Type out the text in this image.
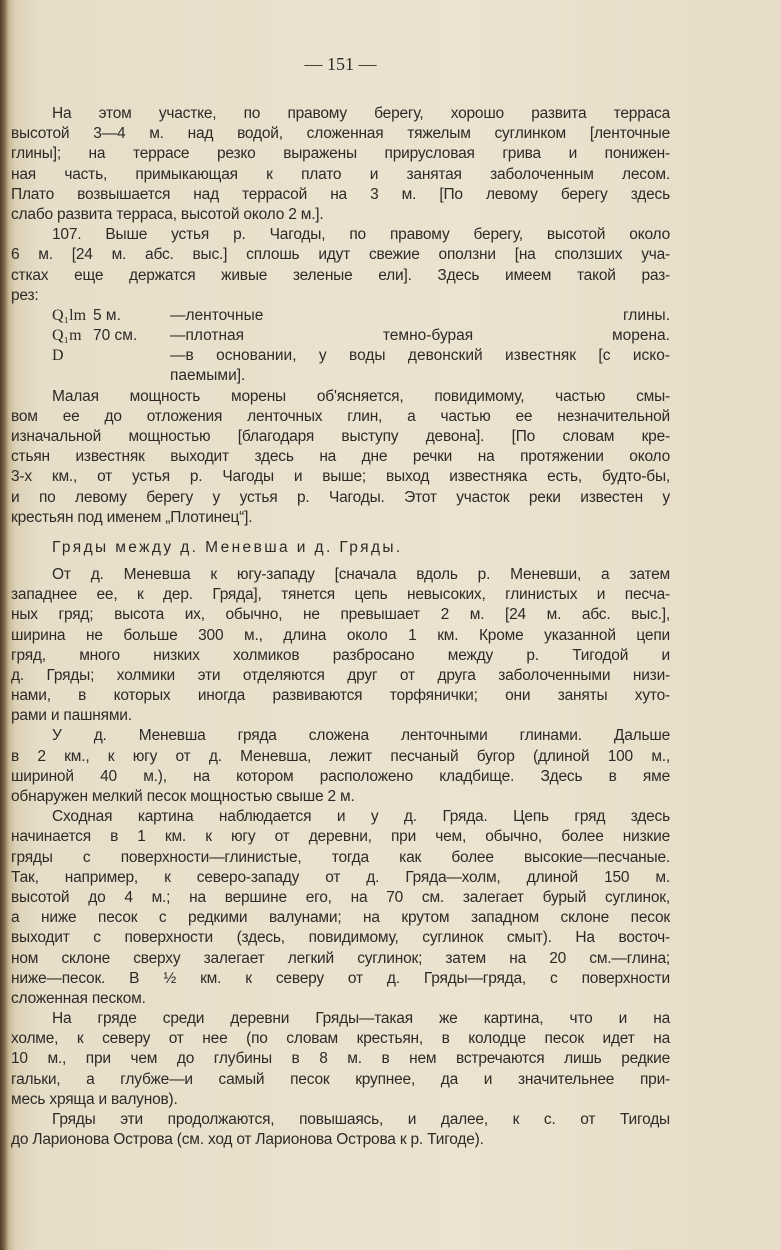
— 151 —
На этом участке, по правому берегу, хорошо развита терраса
высотой 3—4 м. над водой, сложенная тяжелым суглинком [ленточные
глины]; на террасе резко выражены прирусловая грива и понижен-
ная часть, примыкающая к плато и занятая заболоченным лесом.
Плато возвышается над террасой на 3 м. [По левому берегу здесь
слабо развита терраса, высотой около 2 м.].
107. Выше устья р. Чагоды, по правому берегу, высотой около
6 м. [24 м. абс. выс.] сплошь идут свежие оползни [на сползших уча-
стках еще держатся живые зеленые ели]. Здесь имеем такой раз-
рез:
Q₁lm 5 м.	—ленточные глины.
Q₁m 70 см.	—плотная темно-бурая морена.
D	—в основании, у воды девонский известняк [с иско-
паемыми].
Малая мощность морены об'ясняется, повидимому, частью смы-
вом ее до отложения ленточных глин, а частью ее незначительной
изначальной мощностью [благодаря выступу девона]. [По словам кре-
стьян известняк выходит здесь на дне речки на протяжении около
3-х км., от устья р. Чагоды и выше; выход известняка есть, будто-бы,
и по левому берегу у устья р. Чагоды. Этот участок реки известен у
крестьян под именем „Плотинец“].
Гряды между д. Меневша и д. Гряды.
От д. Меневша к югу-западу [сначала вдоль р. Меневши, а затем
западнее ее, к дер. Гряда], тянется цепь невысоких, глинистых и песча-
ных гряд; высота их, обычно, не превышает 2 м. [24 м. абс. выс.],
ширина не больше 300 м., длина около 1 км. Кроме указанной цепи
гряд, много низких холмиков разбросано между р. Тигодой и
д. Гряды; холмики эти отделяются друг от друга заболоченными низи-
нами, в которых иногда развиваются торфянички; они заняты хуто-
рами и пашнями.
У д. Меневша гряда сложена ленточными глинами. Дальше
в 2 км., к югу от д. Меневша, лежит песчаный бугор (длиной 100 м.,
шириной 40 м.), на котором расположено кладбище. Здесь в яме
обнаружен мелкий песок мощностью свыше 2 м.
Сходная картина наблюдается и у д. Гряда. Цепь гряд здесь
начинается в 1 км. к югу от деревни, при чем, обычно, более низкие
гряды с поверхности—глинистые, тогда как более высокие—песчаные.
Так, например, к северо-западу от д. Гряда—холм, длиной 150 м.
высотой до 4 м.; на вершине его, на 70 см. залегает бурый суглинок,
а ниже песок с редкими валунами; на крутом западном склоне песок
выходит с поверхности (здесь, повидимому, суглинок смыт). На восточ-
ном склоне сверху залегает легкий суглинок; затем на 20 см.—глина;
ниже—песок. В ½ км. к северу от д. Гряды—гряда, с поверхности
сложенная песком.
На гряде среди деревни Гряды—такая же картина, что и на
холме, к северу от нее (по словам крестьян, в колодце песок идет на
10 м., при чем до глубины в 8 м. в нем встречаются лишь редкие
гальки, а глубже—и самый песок крупнее, да и значительнее при-
месь хряща и валунов).
Гряды эти продолжаются, повышаясь, и далее, к с. от Тигоды
до Ларионова Острова (см. ход от Ларионова Острова к р. Тигоде).
